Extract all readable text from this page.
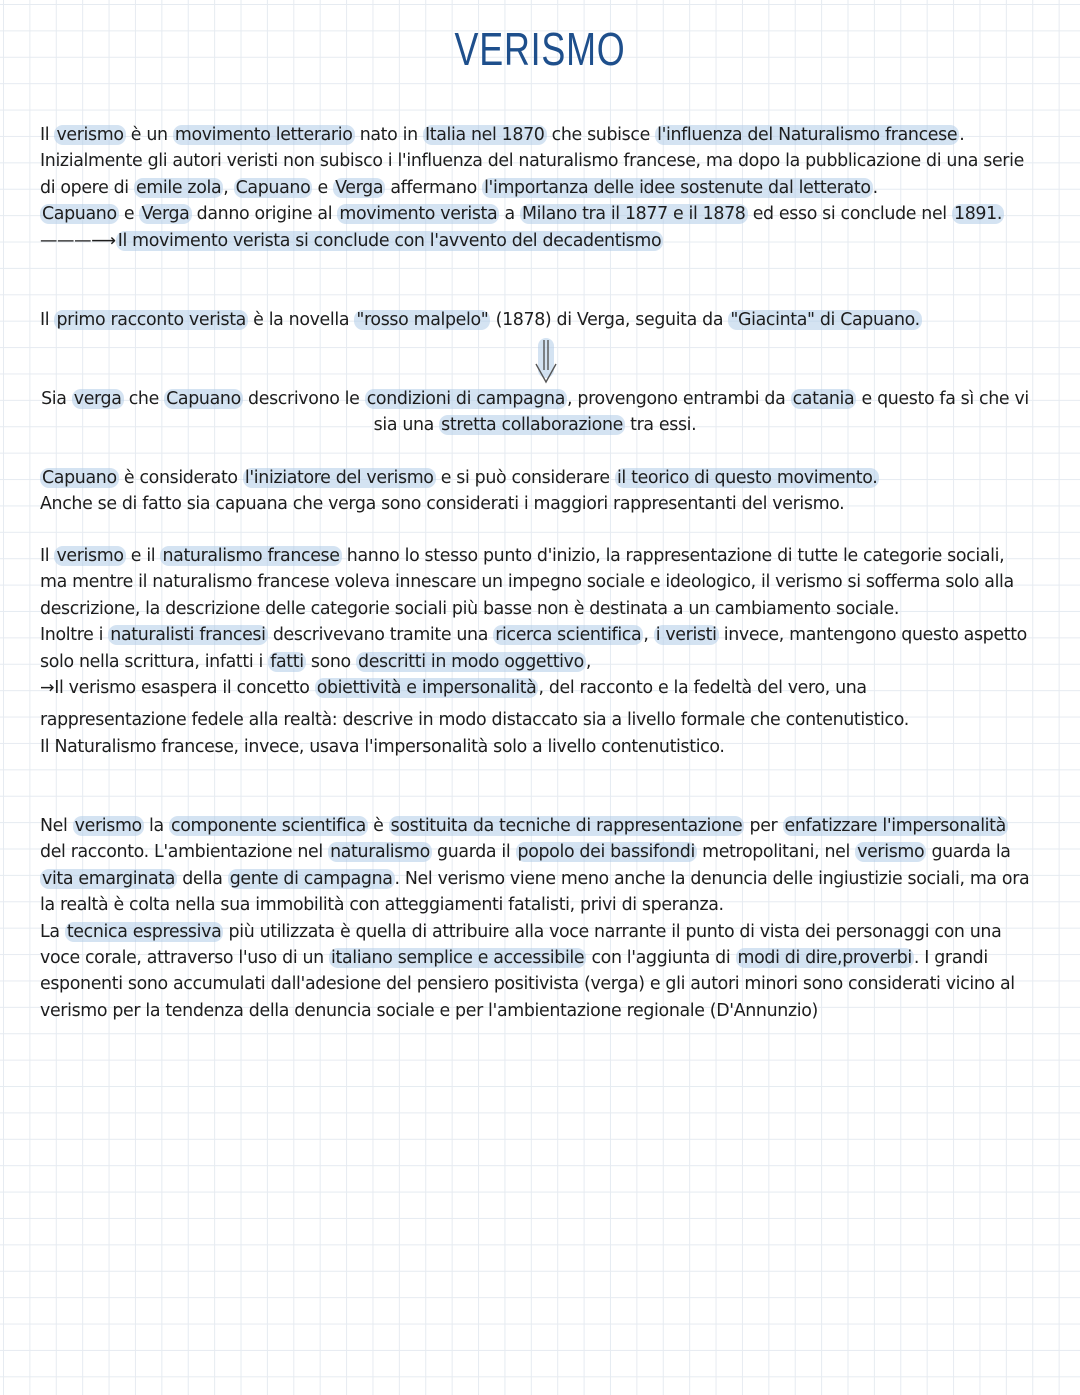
VERISMO

Il verismo è un movimento letterario nato in Italia nel 1870 che subisce l'influenza del Naturalismo francese . Inizialmente gli autori veristi non subisco i l'influenza del naturalismo francese, ma dopo la pubblicazione di una serie di opere di emile zola , Capuano e Verga affermano l'importanza delle idee sostenute dal letterato .

Capuano e Verga danno origine al movimento verista a Milano tra il 1877 e il 1878 ed esso si conclude nel 1891. ———⟶ Il movimento verista si conclude con l'avvento del decadentismo

Il primo racconto verista è la novella "rosso malpelo" (1878) di Verga, seguita da "Giacinta" di Capuano.

Sia verga che Capuano descrivono le condizioni di campagna , provengono entrambi da catania e questo fa sì che vi sia una stretta collaborazione tra essi.

Capuano è considerato l'iniziatore del verismo e si può considerare il teorico di questo movimento.

Anche se di fatto sia capuana che verga sono considerati i maggiori rappresentanti del verismo.

Il verismo e il naturalismo francese hanno lo stesso punto d'inizio, la rappresentazione di tutte le categorie sociali, ma mentre il naturalismo francese voleva innescare un impegno sociale e ideologico, il verismo si sofferma solo alla descrizione, la descrizione delle categorie sociali più basse non è destinata a un cambiamento sociale.

Inoltre i naturalisti francesi descrivevano tramite una ricerca scientifica , i veristi invece, mantengono questo aspetto solo nella scrittura, infatti i fatti sono descritti in modo oggettivo ,

→Il verismo esaspera il concetto obiettività e impersonalità , del racconto e la fedeltà del vero, una

rappresentazione fedele alla realtà: descrive in modo distaccato sia a livello formale che contenutistico.

Il Naturalismo francese, invece, usava l'impersonalità solo a livello contenutistico.

Nel verismo la componente scientifica è sostituita da tecniche di rappresentazione per enfatizzare l'impersonalità del racconto. L'ambientazione nel naturalismo guarda il popolo dei bassifondi metropolitani, nel verismo guarda la vita emarginata della gente di campagna . Nel verismo viene meno anche la denuncia delle ingiustizie sociali, ma ora la realtà è colta nella sua immobilità con atteggiamenti fatalisti, privi di speranza.

La tecnica espressiva più utilizzata è quella di attribuire alla voce narrante il punto di vista dei personaggi con una voce corale, attraverso l'uso di un italiano semplice e accessibile con l'aggiunta di modi di dire,proverbi . I grandi esponenti sono accumulati dall'adesione del pensiero positivista (verga) e gli autori minori sono considerati vicino al verismo per la tendenza della denuncia sociale e per l'ambientazione regionale (D'Annunzio)
